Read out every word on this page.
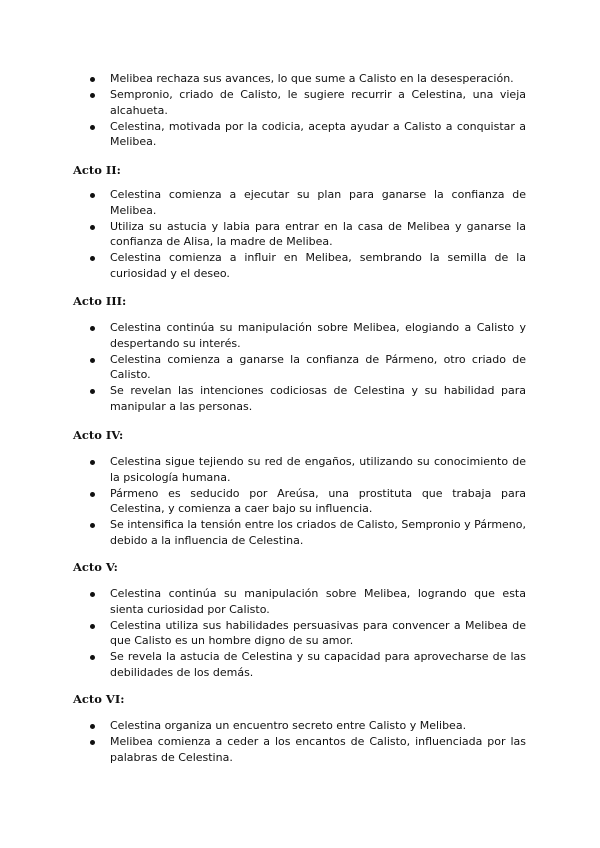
Melibea rechaza sus avances, lo que sume a Calisto en la desesperación.
Sempronio, criado de Calisto, le sugiere recurrir a Celestina, una vieja alcahueta.
Celestina, motivada por la codicia, acepta ayudar a Calisto a conquistar a Melibea.
Acto II:
Celestina comienza a ejecutar su plan para ganarse la confianza de Melibea.
Utiliza su astucia y labia para entrar en la casa de Melibea y ganarse la confianza de Alisa, la madre de Melibea.
Celestina comienza a influir en Melibea, sembrando la semilla de la curiosidad y el deseo.
Acto III:
Celestina continúa su manipulación sobre Melibea, elogiando a Calisto y despertando su interés.
Celestina comienza a ganarse la confianza de Pármeno, otro criado de Calisto.
Se revelan las intenciones codiciosas de Celestina y su habilidad para manipular a las personas.
Acto IV:
Celestina sigue tejiendo su red de engaños, utilizando su conocimiento de la psicología humana.
Pármeno es seducido por Areúsa, una prostituta que trabaja para Celestina, y comienza a caer bajo su influencia.
Se intensifica la tensión entre los criados de Calisto, Sempronio y Pármeno, debido a la influencia de Celestina.
Acto V:
Celestina continúa su manipulación sobre Melibea, logrando que esta sienta curiosidad por Calisto.
Celestina utiliza sus habilidades persuasivas para convencer a Melibea de que Calisto es un hombre digno de su amor.
Se revela la astucia de Celestina y su capacidad para aprovecharse de las debilidades de los demás.
Acto VI:
Celestina organiza un encuentro secreto entre Calisto y Melibea.
Melibea comienza a ceder a los encantos de Calisto, influenciada por las palabras de Celestina.
